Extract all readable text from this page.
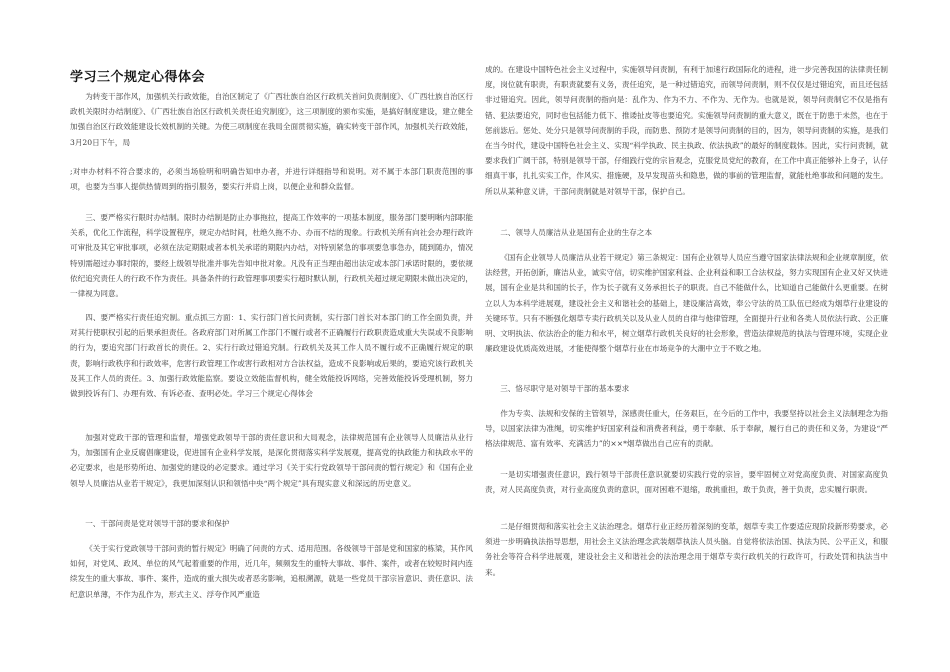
学习三个规定心得体会

为转变干部作风，加强机关行政效能，自治区制定了《广西壮族自治区行政机关首问负责制度》、《广西壮族自治区行政机关限时办结制度》、《广西壮族自治区行政机关责任追究制度》，这三项制度的颁布实施，是搞好制度建设，建立健全加强自治区行政效能建设长效机制的关键。为使三项制度在我局全面贯彻实施，确实转变干部作风，加强机关行政效能，3月20日下午，局

;对申办材料不符合要求的，必须当场验明和明确告知申办者，并进行详细指导和说明。对不属于本部门职责范围的事项，也要为当事人提供热情周到的指引服务，要实行并肩上岗，以便企业和群众监督。

三、要严格实行限时办结制。限时办结制是防止办事拖拉，提高工作效率的一项基本制度，服务部门要明晰内部职能关系，优化工作流程，科学设置程序，规定办结时间，杜绝久拖不办、办而不结的现象。行政机关所有向社会办理行政许可审批及其它审批事项，必须在法定期限或者本机关承诺的期限内办结，对特别紧急的事项要急事急办，随到随办，情况特别需超过办事时限的，要经上级领导批准并事先告知申批对象。凡没有正当理由超出法定或本部门承诺时限的，要依规依纪追究责任人的行政不作为责任。具备条件的行政管理事项要实行超时默认制，行政机关超过规定期限未做出决定的，一律视为同意。

四、要严格实行责任追究制。重点抓三方面：1、实行部门首长问责制，实行部门首长对本部门的工作全面负责，并对其行使职权引起的后果承担责任。各政府部门对所属工作部门不履行或者不正确履行行政职责造成重大失误或不良影响的行为，要追究部门行政首长的责任。2、实行行政过错追究制。行政机关及其工作人员不履行或不正确履行规定的职责，影响行政秩序和行政效率，危害行政管理工作或害行政相对方合法权益，造成不良影响或后果的，要追究该行政机关及其工作人员的责任。3、加强行政效能监察。要设立效能监督机构，健全效能投诉网络，完善效能投诉受理机制，努力做到投诉有门、办理有效、有诉必查、查明必处。学习三个规定心得体会

加强对党政干部的管理和监督，增强党政领导干部的责任意识和大局观念，法律规范国有企业领导人员廉洁从业行为，加强国有企业反腐倡廉建设，促进国有企业科学发展，是深化贯彻落实科学发展观，提高党的执政能力和执政水平的必定要求，也是形势所迫、加强党的建设的必定要求。通过学习《关于实行党政领导干部问责的暂行规定》和《国有企业领导人员廉洁从业若干规定》，我更加深刻认识和领悟中央“两个规定”具有现实意义和深远的历史意义。

一、干部问责是党对领导干部的要求和保护

《关于实行党政领导干部问责的暂行规定》明确了问责的方式、适用范围。各级领导干部是党和国家的栋梁，其作风如何，对党风、政风、单位的风气起着重要的作用，近几年，频频发生的重特大事故、事件、案件，或者在较短时间内连续发生的重大事故、事件、案件，造成的重大损失或者恶劣影响，追根溯源，就是一些党员干部宗旨意识、责任意识、法纪意识单薄，不作为乱作为，形式主义、浮夸作风严重造

成的。在建设中国特色社会主义过程中，实施领导问责制，有利于加速行政国际化的进程，进一步完善我国的法律责任制度，岗位就有职责，有职责就要有义务，责任追究，是一种过错追究，而领导问责制，则不仅仅是过错追究，而且还包括非过错追究。因此，领导问责制的指向是：乱作为、作为不力、不作为、无作为。也就是说，领导问责制它不仅是指有错、犯法要追究，同时也包括能力低下、推诿扯皮等也要追究。实施领导问责制的重大意义，既在于防患于未然，也在于惩前毖后。惩处、处分只是领导问责制的手段，而防患、预防才是领导问责制的目的，因为，领导问责制的实施，是我们在当今时代，建设中国特色社会主义、实现“科学执政、民主执政、依法执政”的最好的制度载体。因此，实行问责制，就要求我们广阔干部，特别是领导干部，仔细践行党的宗旨观念，克服党员党纪的教育，在工作中真正能够补上身子，认仔细真干事，扎扎实实工作，作风实、措施硬，及早发现苗头和隐患，做的事前的管理监督，就能杜绝事故和问题的发生。所以从某种意义讲，干部问责制就是对领导干部，保护自己。

二、领导人员廉洁从业是国有企业的生存之本

《国有企业领导人员廉洁从业若干规定》第三条规定：国有企业领导人员应当遵守国家法律法规和企业规章制度，依法经营，开拓创新，廉洁从业，诚实守信，切实维护国家利益、企业利益和职工合法权益，努力实现国有企业又好又快进展，国有企业是共和国的长子，作为长子就有义务承担长子的职责。自己不能做什么，比知道自己能做什么更重要。在树立以人为本科学进展观，建设社会主义和谐社会的基础上，建设廉洁高效，奉公守法的员工队伍已经成为烟草行业建设的关键环节。只有不断强化烟草专卖行政机关以及从业人员的自律与他律管理，全面提升行业和各类人员依法行政、公正廉明、文明执法、依法治企的能力和水平，树立烟草行政机关良好的社会形象，营造法律规范的执法与管理环境，实现企业廉政建设优质高效进展，才能使得整个烟草行业在市场竞争的大潮中立于不败之地。

三、恪尽职守是对领导干部的基本要求

作为专卖、法规和安保的主管领导，深感责任重大，任务艰巨，在今后的工作中，我要坚持以社会主义法制理念为指导，以国家法律为准绳，切实维护好国家利益和消费者利益，勇于奉献、乐于奉献，履行自己的责任和义务，为建设“严格法律规范、富有效率、充满活力”的××*烟草做出自己应有的贡献。

一是切实增强责任意识，践行领导干部责任意识就要切实践行党的宗旨，要牢固树立对党高度负责、对国家高度负责，对人民高度负责，对行业高度负责的意识，面对困难不退缩，敢挑重担，敢于负责，善于负责，忠实履行职责。

二是仔细贯彻和落实社会主义法治理念。烟草行业正经历着深刻的变革，烟草专卖工作要适应现阶段新形势要求，必须进一步明确执法指导思想，用社会主义法治理念武装烟草执法人员头脑。自觉将依法治国、执法为民、公平正义，和服务社会等符合科学进展观，建设社会主义和谐社会的法治理念用于烟草专卖行政机关的行政许可，行政处罚和执法当中来。
